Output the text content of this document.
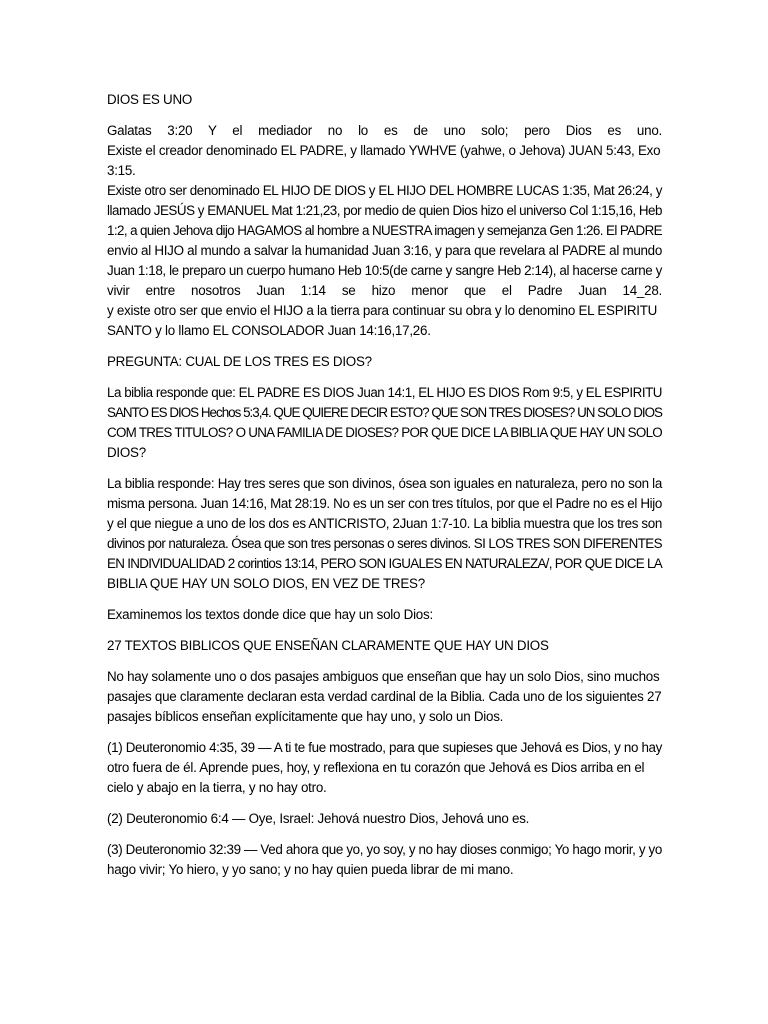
DIOS ES UNO
Galatas 3:20 Y el mediador no lo es de uno solo; pero Dios es uno.
Existe el creador denominado EL PADRE, y llamado YWHVE (yahwe, o Jehova) JUAN 5:43, Exo
3:15.
Existe otro ser denominado EL HIJO DE DIOS y EL HIJO DEL HOMBRE LUCAS 1:35, Mat 26:24, y
llamado JESÚS y EMANUEL Mat 1:21,23, por medio de quien Dios hizo el universo Col 1:15,16, Heb
1:2, a quien Jehova dijo HAGAMOS al hombre a NUESTRA imagen y semejanza Gen 1:26. El PADRE
envio al HIJO al mundo a salvar la humanidad Juan 3:16, y para que revelara al PADRE al mundo
Juan 1:18, le preparo un cuerpo humano Heb 10:5(de carne y sangre Heb 2:14), al hacerse carne y
vivir entre nosotros Juan 1:14 se hizo menor que el Padre Juan 14_28.
y existe otro ser que envio el HIJO a la tierra para continuar su obra y lo denomino EL ESPIRITU
SANTO y lo llamo EL CONSOLADOR Juan 14:16,17,26.
PREGUNTA: CUAL DE LOS TRES ES DIOS?
La biblia responde que: EL PADRE ES DIOS Juan 14:1, EL HIJO ES DIOS Rom 9:5, y EL ESPIRITU
SANTO ES DIOS Hechos 5:3,4. QUE QUIERE DECIR ESTO? QUE SON TRES DIOSES? UN SOLO DIOS
COM TRES TITULOS? O UNA FAMILIA DE DIOSES? POR QUE DICE LA BIBLIA QUE HAY UN SOLO
DIOS?
La biblia responde: Hay tres seres que son divinos, ósea son iguales en naturaleza, pero no son la
misma persona. Juan 14:16, Mat 28:19. No es un ser con tres títulos, por que el Padre no es el Hijo
y el que niegue a uno de los dos es ANTICRISTO, 2Juan 1:7-10. La biblia muestra que los tres son
divinos por naturaleza. Ósea que son tres personas o seres divinos. SI LOS TRES SON DIFERENTES
EN INDIVIDUALIDAD 2 corintios 13:14, PERO SON IGUALES EN NATURALEZA/, POR QUE DICE LA
BIBLIA QUE HAY UN SOLO DIOS, EN VEZ DE TRES?
Examinemos los textos donde dice que hay un solo Dios:
27 TEXTOS BIBLICOS QUE ENSEÑAN CLARAMENTE QUE HAY UN DIOS
No hay solamente uno o dos pasajes ambiguos que enseñan que hay un solo Dios, sino muchos
pasajes que claramente declaran esta verdad cardinal de la Biblia. Cada uno de los siguientes 27
pasajes bíblicos enseñan explícitamente que hay uno, y solo un Dios.
(1) Deuteronomio 4:35, 39 — A ti te fue mostrado, para que supieses que Jehová es Dios, y no hay
otro fuera de él. Aprende pues, hoy, y reflexiona en tu corazón que Jehová es Dios arriba en el
cielo y abajo en la tierra, y no hay otro.
(2) Deuteronomio 6:4 — Oye, Israel: Jehová nuestro Dios, Jehová uno es.
(3) Deuteronomio 32:39 — Ved ahora que yo, yo soy, y no hay dioses conmigo; Yo hago morir, y yo
hago vivir; Yo hiero, y yo sano; y no hay quien pueda librar de mi mano.
